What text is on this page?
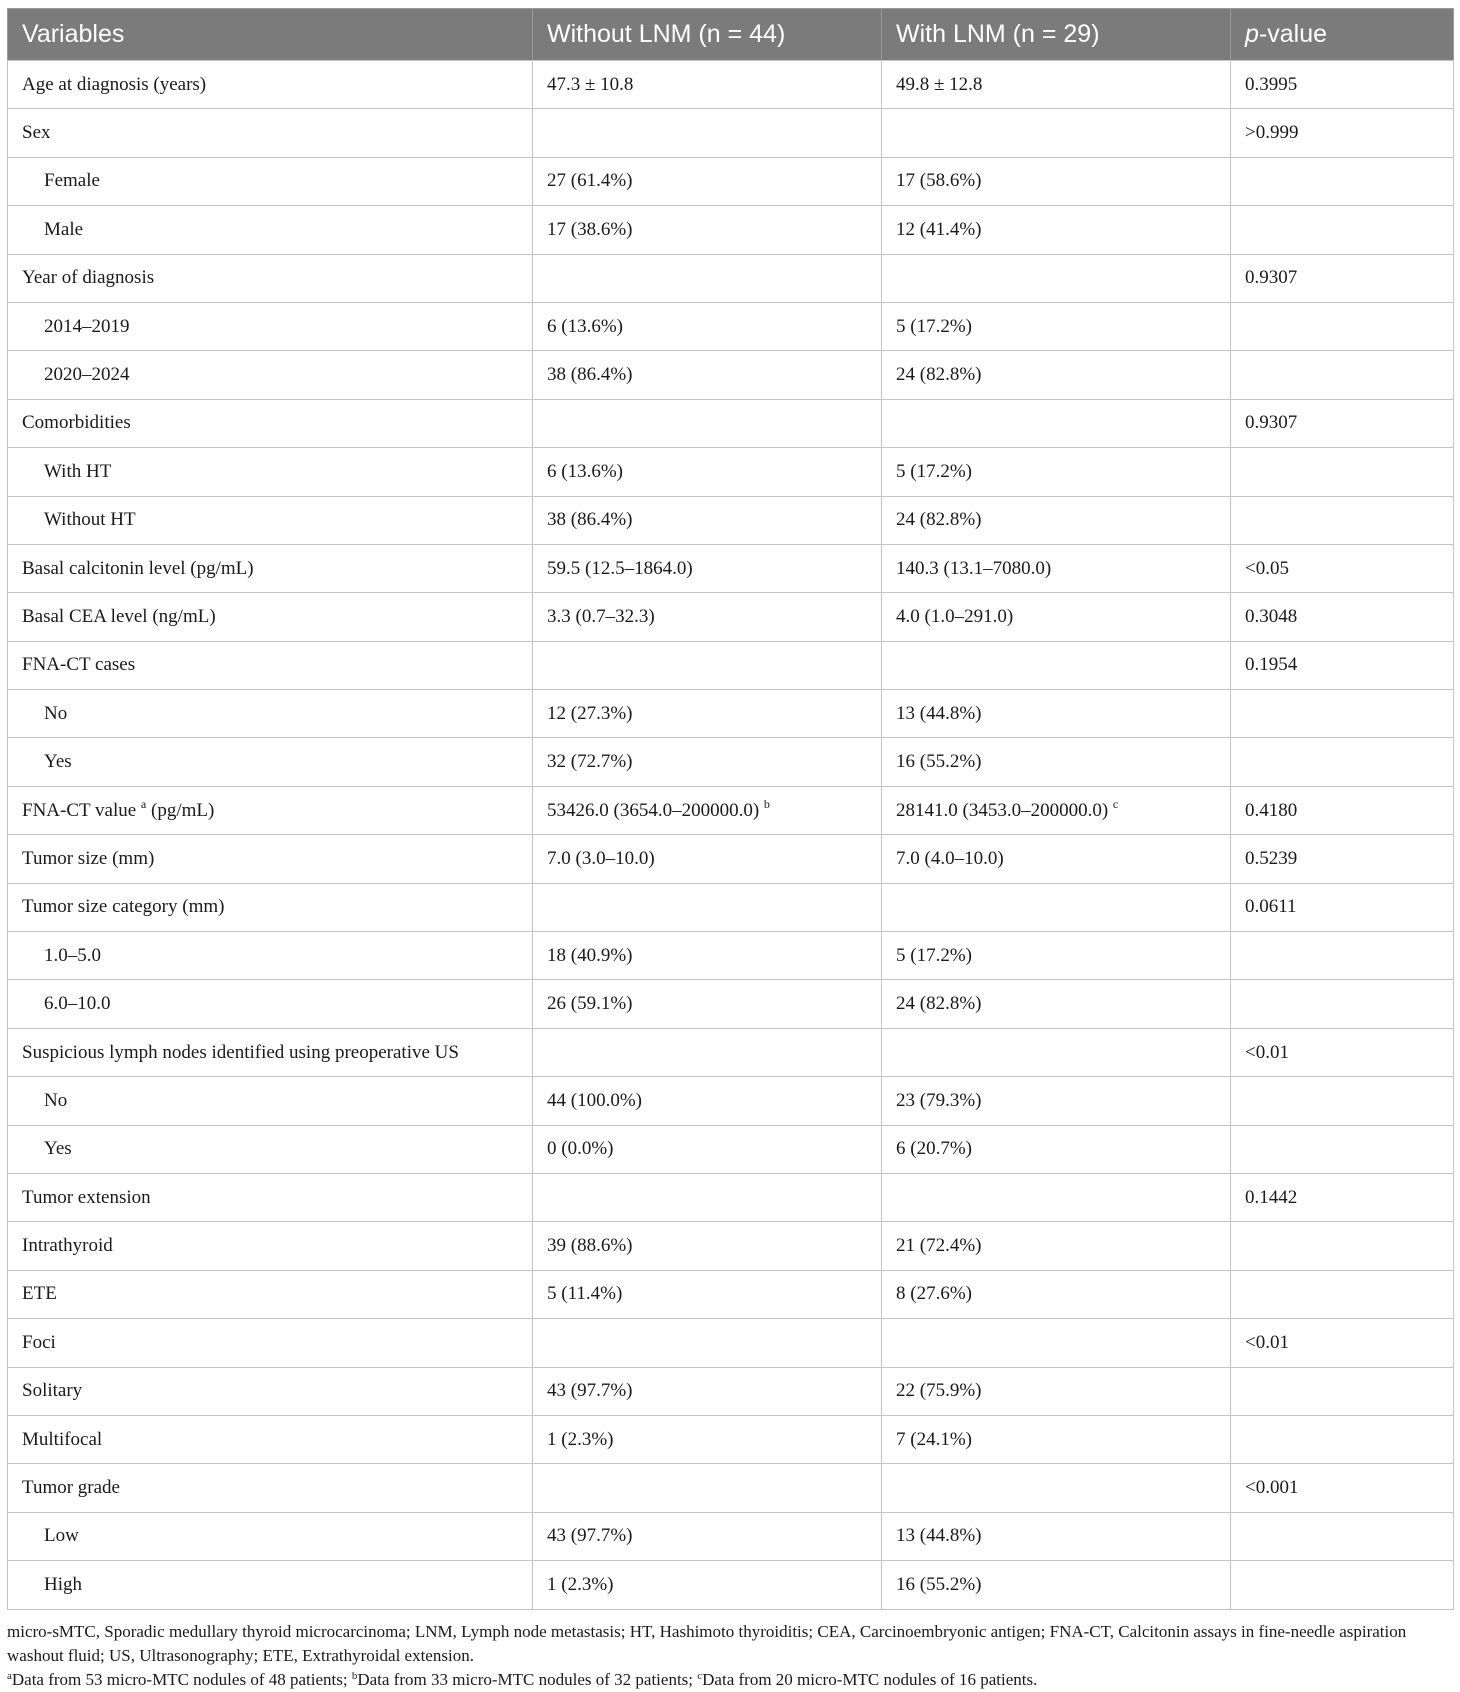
Variables	Without LNM (n = 44)	With LNM (n = 29)	p-value
Age at diagnosis (years)	47.3 ± 10.8	49.8 ± 12.8	0.3995
Sex			>0.999
Female	27 (61.4%)	17 (58.6%)	
Male	17 (38.6%)	12 (41.4%)	
Year of diagnosis			0.9307
2014–2019	6 (13.6%)	5 (17.2%)	
2020–2024	38 (86.4%)	24 (82.8%)	
Comorbidities			0.9307
With HT	6 (13.6%)	5 (17.2%)	
Without HT	38 (86.4%)	24 (82.8%)	
Basal calcitonin level (pg/mL)	59.5 (12.5–1864.0)	140.3 (13.1–7080.0)	<0.05
Basal CEA level (ng/mL)	3.3 (0.7–32.3)	4.0 (1.0–291.0)	0.3048
FNA-CT cases			0.1954
No	12 (27.3%)	13 (44.8%)	
Yes	32 (72.7%)	16 (55.2%)	
FNA-CT value $^a$ (pg/mL)	53426.0 (3654.0–200000.0) $^b$	28141.0 (3453.0–200000.0) $^c$	0.4180
Tumor size (mm)	7.0 (3.0–10.0)	7.0 (4.0–10.0)	0.5239
Tumor size category (mm)			0.0611
1.0–5.0	18 (40.9%)	5 (17.2%)	
6.0–10.0	26 (59.1%)	24 (82.8%)	
Suspicious lymph nodes identified using preoperative US			<0.01
No	44 (100.0%)	23 (79.3%)	
Yes	0 (0.0%)	6 (20.7%)	
Tumor extension			0.1442
Intrathyroid	39 (88.6%)	21 (72.4%)	
ETE	5 (11.4%)	8 (27.6%)	
Foci			<0.01
Solitary	43 (97.7%)	22 (75.9%)	
Multifocal	1 (2.3%)	7 (24.1%)	
Tumor grade			<0.001
Low	43 (97.7%)	13 (44.8%)	
High	1 (2.3%)	16 (55.2%)	

micro-sMTC, Sporadic medullary thyroid microcarcinoma; LNM, Lymph node metastasis; HT, Hashimoto thyroiditis; CEA, Carcinoembryonic antigen; FNA-CT, Calcitonin assays in fine-needle aspiration washout fluid; US, Ultrasonography; ETE, Extrathyroidal extension.

$^a$Data from 53 micro-MTC nodules of 48 patients; $^b$Data from 33 micro-MTC nodules of 32 patients; $^c$Data from 20 micro-MTC nodules of 16 patients.
